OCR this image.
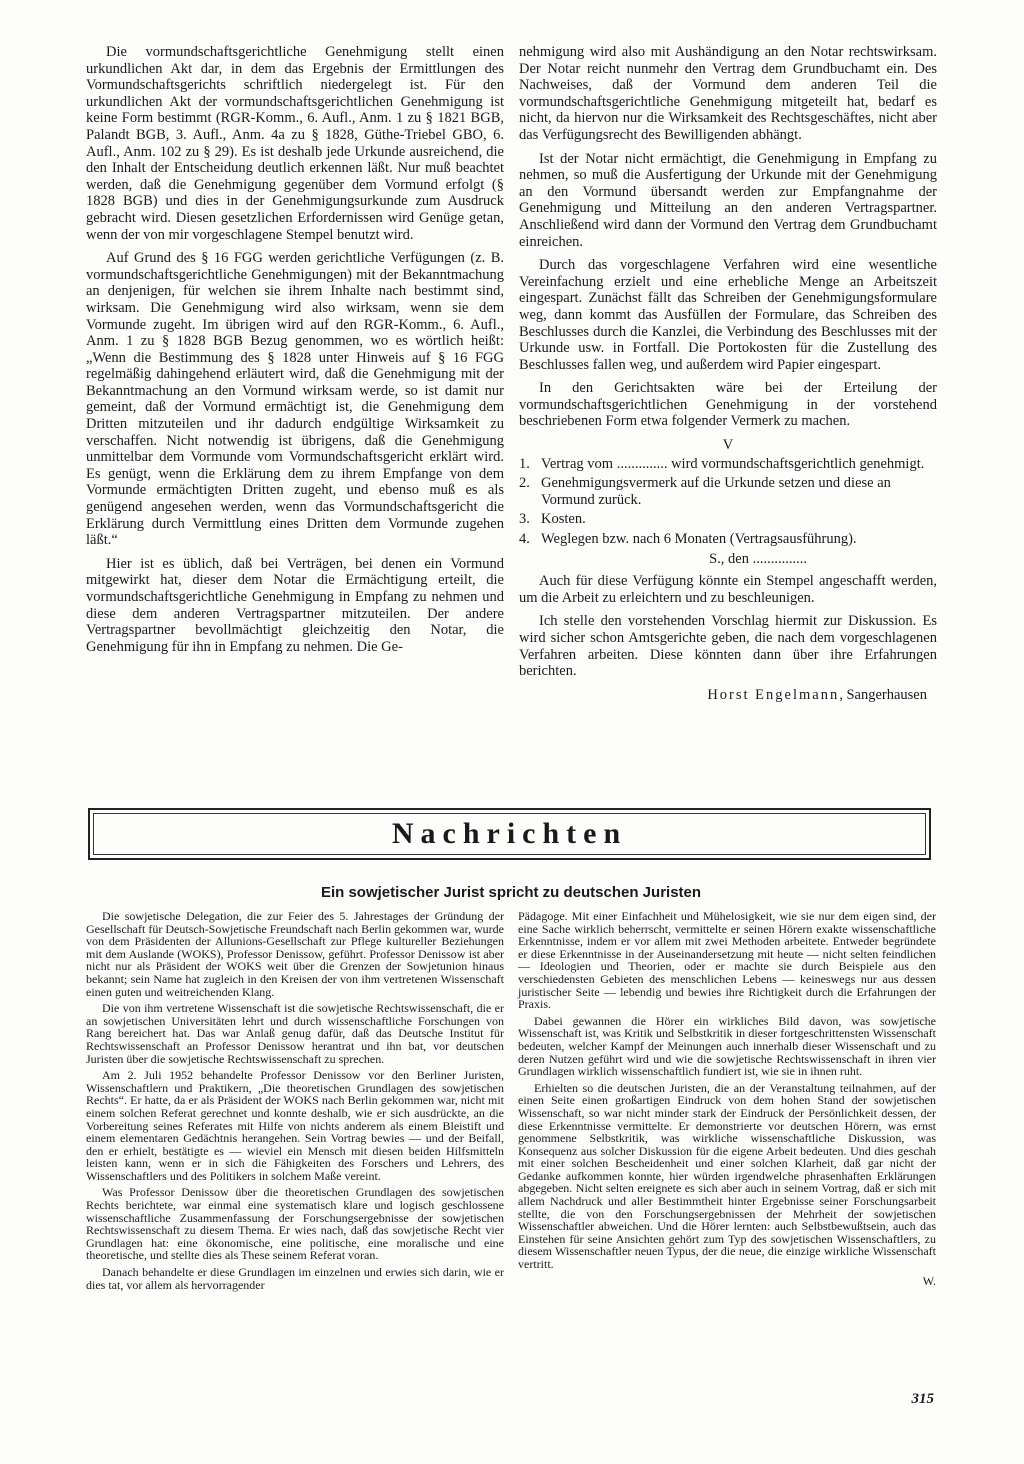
Die vormundschaftsgerichtliche Genehmigung stellt einen urkundlichen Akt dar, in dem das Ergebnis der Ermittlungen des Vormundschaftsgerichts schriftlich niedergelegt ist. Für den urkundlichen Akt der vormundschaftsgerichtlichen Genehmigung ist keine Form bestimmt (RGR-Komm., 6. Aufl., Anm. 1 zu § 1821 BGB, Palandt BGB, 3. Aufl., Anm. 4a zu § 1828, Güthe-Triebel GBO, 6. Aufl., Anm. 102 zu § 29). Es ist deshalb jede Urkunde ausreichend, die den Inhalt der Entscheidung deutlich erkennen läßt. Nur muß beachtet werden, daß die Genehmigung gegenüber dem Vormund erfolgt (§ 1828 BGB) und dies in der Genehmigungsurkunde zum Ausdruck gebracht wird. Diesen gesetzlichen Erfordernissen wird Genüge getan, wenn der von mir vorgeschlagene Stempel benutzt wird.

Auf Grund des § 16 FGG werden gerichtliche Verfügungen (z. B. vormundschaftsgerichtliche Genehmigungen) mit der Bekanntmachung an denjenigen, für welchen sie ihrem Inhalte nach bestimmt sind, wirksam. Die Genehmigung wird also wirksam, wenn sie dem Vormunde zugeht. Im übrigen wird auf den RGR-Komm., 6. Aufl., Anm. 1 zu § 1828 BGB Bezug genommen, wo es wörtlich heißt: „Wenn die Bestimmung des § 1828 unter Hinweis auf § 16 FGG regelmäßig dahingehend erläutert wird, daß die Genehmigung mit der Bekanntmachung an den Vormund wirksam werde, so ist damit nur gemeint, daß der Vormund ermächtigt ist, die Genehmigung dem Dritten mitzuteilen und ihr dadurch endgültige Wirksamkeit zu verschaffen. Nicht notwendig ist übrigens, daß die Genehmigung unmittelbar dem Vormunde vom Vormundschaftsgericht erklärt wird. Es genügt, wenn die Erklärung dem zu ihrem Empfange von dem Vormunde ermächtigten Dritten zugeht, und ebenso muß es als genügend angesehen werden, wenn das Vormundschaftsgericht die Erklärung durch Vermittlung eines Dritten dem Vormunde zugehen läßt.“

Hier ist es üblich, daß bei Verträgen, bei denen ein Vormund mitgewirkt hat, dieser dem Notar die Ermächtigung erteilt, die vormundschaftsgerichtliche Genehmigung in Empfang zu nehmen und diese dem anderen Vertragspartner mitzuteilen. Der andere Vertragspartner bevollmächtigt gleichzeitig den Notar, die Genehmigung für ihn in Empfang zu nehmen. Die Ge-

nehmigung wird also mit Aushändigung an den Notar rechtswirksam. Der Notar reicht nunmehr den Vertrag dem Grundbuchamt ein. Des Nachweises, daß der Vormund dem anderen Teil die vormundschaftsgerichtliche Genehmigung mitgeteilt hat, bedarf es nicht, da hiervon nur die Wirksamkeit des Rechtsgeschäftes, nicht aber das Verfügungsrecht des Bewilligenden abhängt.

Ist der Notar nicht ermächtigt, die Genehmigung in Empfang zu nehmen, so muß die Ausfertigung der Urkunde mit der Genehmigung an den Vormund übersandt werden zur Empfangnahme der Genehmigung und Mitteilung an den anderen Vertragspartner. Anschließend wird dann der Vormund den Vertrag dem Grundbuchamt einreichen.

Durch das vorgeschlagene Verfahren wird eine wesentliche Vereinfachung erzielt und eine erhebliche Menge an Arbeitszeit eingespart. Zunächst fällt das Schreiben der Genehmigungsformulare weg, dann kommt das Ausfüllen der Formulare, das Schreiben des Beschlusses durch die Kanzlei, die Verbindung des Beschlusses mit der Urkunde usw. in Fortfall. Die Portokosten für die Zustellung des Beschlusses fallen weg, und außerdem wird Papier eingespart.

In den Gerichtsakten wäre bei der Erteilung der vormundschaftsgerichtlichen Genehmigung in der vorstehend beschriebenen Form etwa folgender Vermerk zu machen.

V
1. Vertrag vom .............. wird vormundschaftsgerichtlich genehmigt.
2. Genehmigungsvermerk auf die Urkunde setzen und diese an Vormund zurück.
3. Kosten.
4. Weglegen bzw. nach 6 Monaten (Vertragsausführung).
S., den ...............

Auch für diese Verfügung könnte ein Stempel angeschafft werden, um die Arbeit zu erleichtern und zu beschleunigen.

Ich stelle den vorstehenden Vorschlag hiermit zur Diskussion. Es wird sicher schon Amtsgerichte geben, die nach dem vorgeschlagenen Verfahren arbeiten. Diese könnten dann über ihre Erfahrungen berichten.

Horst Engelmann, Sangerhausen
Nachrichten
Ein sowjetischer Jurist spricht zu deutschen Juristen

Die sowjetische Delegation, die zur Feier des 5. Jahrestages der Gründung der Gesellschaft für Deutsch-Sowjetische Freundschaft nach Berlin gekommen war, wurde von dem Präsidenten der Allunions-Gesellschaft zur Pflege kultureller Beziehungen mit dem Auslande (WOKS), Professor Denissow, geführt. Professor Denissow ist aber nicht nur als Präsident der WOKS weit über die Grenzen der Sowjetunion hinaus bekannt; sein Name hat zugleich in den Kreisen der von ihm vertretenen Wissenschaft einen guten und weitreichenden Klang.

Die von ihm vertretene Wissenschaft ist die sowjetische Rechtswissenschaft, die er an sowjetischen Universitäten lehrt und durch wissenschaftliche Forschungen von Rang bereichert hat. Das war Anlaß genug dafür, daß das Deutsche Institut für Rechtswissenschaft an Professor Denissow herantrat und ihn bat, vor deutschen Juristen über die sowjetische Rechtswissenschaft zu sprechen.

Am 2. Juli 1952 behandelte Professor Denissow vor den Berliner Juristen, Wissenschaftlern und Praktikern, „Die theoretischen Grundlagen des sowjetischen Rechts“. Er hatte, da er als Präsident der WOKS nach Berlin gekommen war, nicht mit einem solchen Referat gerechnet und konnte deshalb, wie er sich ausdrückte, an die Vorbereitung seines Referates mit Hilfe von nichts anderem als einem Bleistift und einem elementaren Gedächtnis herangehen. Sein Vortrag bewies — und der Beifall, den er erhielt, bestätigte es — wieviel ein Mensch mit diesen beiden Hilfsmitteln leisten kann, wenn er in sich die Fähigkeiten des Forschers und Lehrers, des Wissenschaftlers und des Politikers in solchem Maße vereint.

Was Professor Denissow über die theoretischen Grundlagen des sowjetischen Rechts berichtete, war einmal eine systematisch klare und logisch geschlossene wissenschaftliche Zusammenfassung der Forschungsergebnisse der sowjetischen Rechtswissenschaft zu diesem Thema. Er wies nach, daß das sowjetische Recht vier Grundlagen hat: eine ökonomische, eine politische, eine moralische und eine theoretische, und stellte dies als These seinem Referat voran.

Danach behandelte er diese Grundlagen im einzelnen und erwies sich darin, wie er dies tat, vor allem als hervorragender

Pädagoge. Mit einer Einfachheit und Mühelosigkeit, wie sie nur dem eigen sind, der eine Sache wirklich beherrscht, vermittelte er seinen Hörern exakte wissenschaftliche Erkenntnisse, indem er vor allem mit zwei Methoden arbeitete. Entweder begründete er diese Erkenntnisse in der Auseinandersetzung mit heute — nicht selten feindlichen — Ideologien und Theorien, oder er machte sie durch Beispiele aus den verschiedensten Gebieten des menschlichen Lebens — keineswegs nur aus dessen juristischer Seite — lebendig und bewies ihre Richtigkeit durch die Erfahrungen der Praxis.

Dabei gewannen die Hörer ein wirkliches Bild davon, was sowjetische Wissenschaft ist, was Kritik und Selbstkritik in dieser fortgeschrittensten Wissenschaft bedeuten, welcher Kampf der Meinungen auch innerhalb dieser Wissenschaft und zu deren Nutzen geführt wird und wie die sowjetische Rechtswissenschaft in ihren vier Grundlagen wirklich wissenschaftlich fundiert ist, wie sie in ihnen ruht.

Erhielten so die deutschen Juristen, die an der Veranstaltung teilnahmen, auf der einen Seite einen großartigen Eindruck von dem hohen Stand der sowjetischen Wissenschaft, so war nicht minder stark der Eindruck der Persönlichkeit dessen, der diese Erkenntnisse vermittelte. Er demonstrierte vor deutschen Hörern, was ernst genommene Selbstkritik, was wirkliche wissenschaftliche Diskussion, was Konsequenz aus solcher Diskussion für die eigene Arbeit bedeuten. Und dies geschah mit einer solchen Bescheidenheit und einer solchen Klarheit, daß gar nicht der Gedanke aufkommen konnte, hier würden irgendwelche phrasenhaften Erklärungen abgegeben. Nicht selten ereignete es sich aber auch in seinem Vortrag, daß er sich mit allem Nachdruck und aller Bestimmtheit hinter Ergebnisse seiner Forschungsarbeit stellte, die von den Forschungsergebnissen der Mehrheit der sowjetischen Wissenschaftler abweichen. Und die Hörer lernten: auch Selbstbewußtsein, auch das Einstehen für seine Ansichten gehört zum Typ des sowjetischen Wissenschaftlers, zu diesem Wissenschaftler neuen Typus, der die neue, die einzige wirkliche Wissenschaft vertritt.

W.
315
